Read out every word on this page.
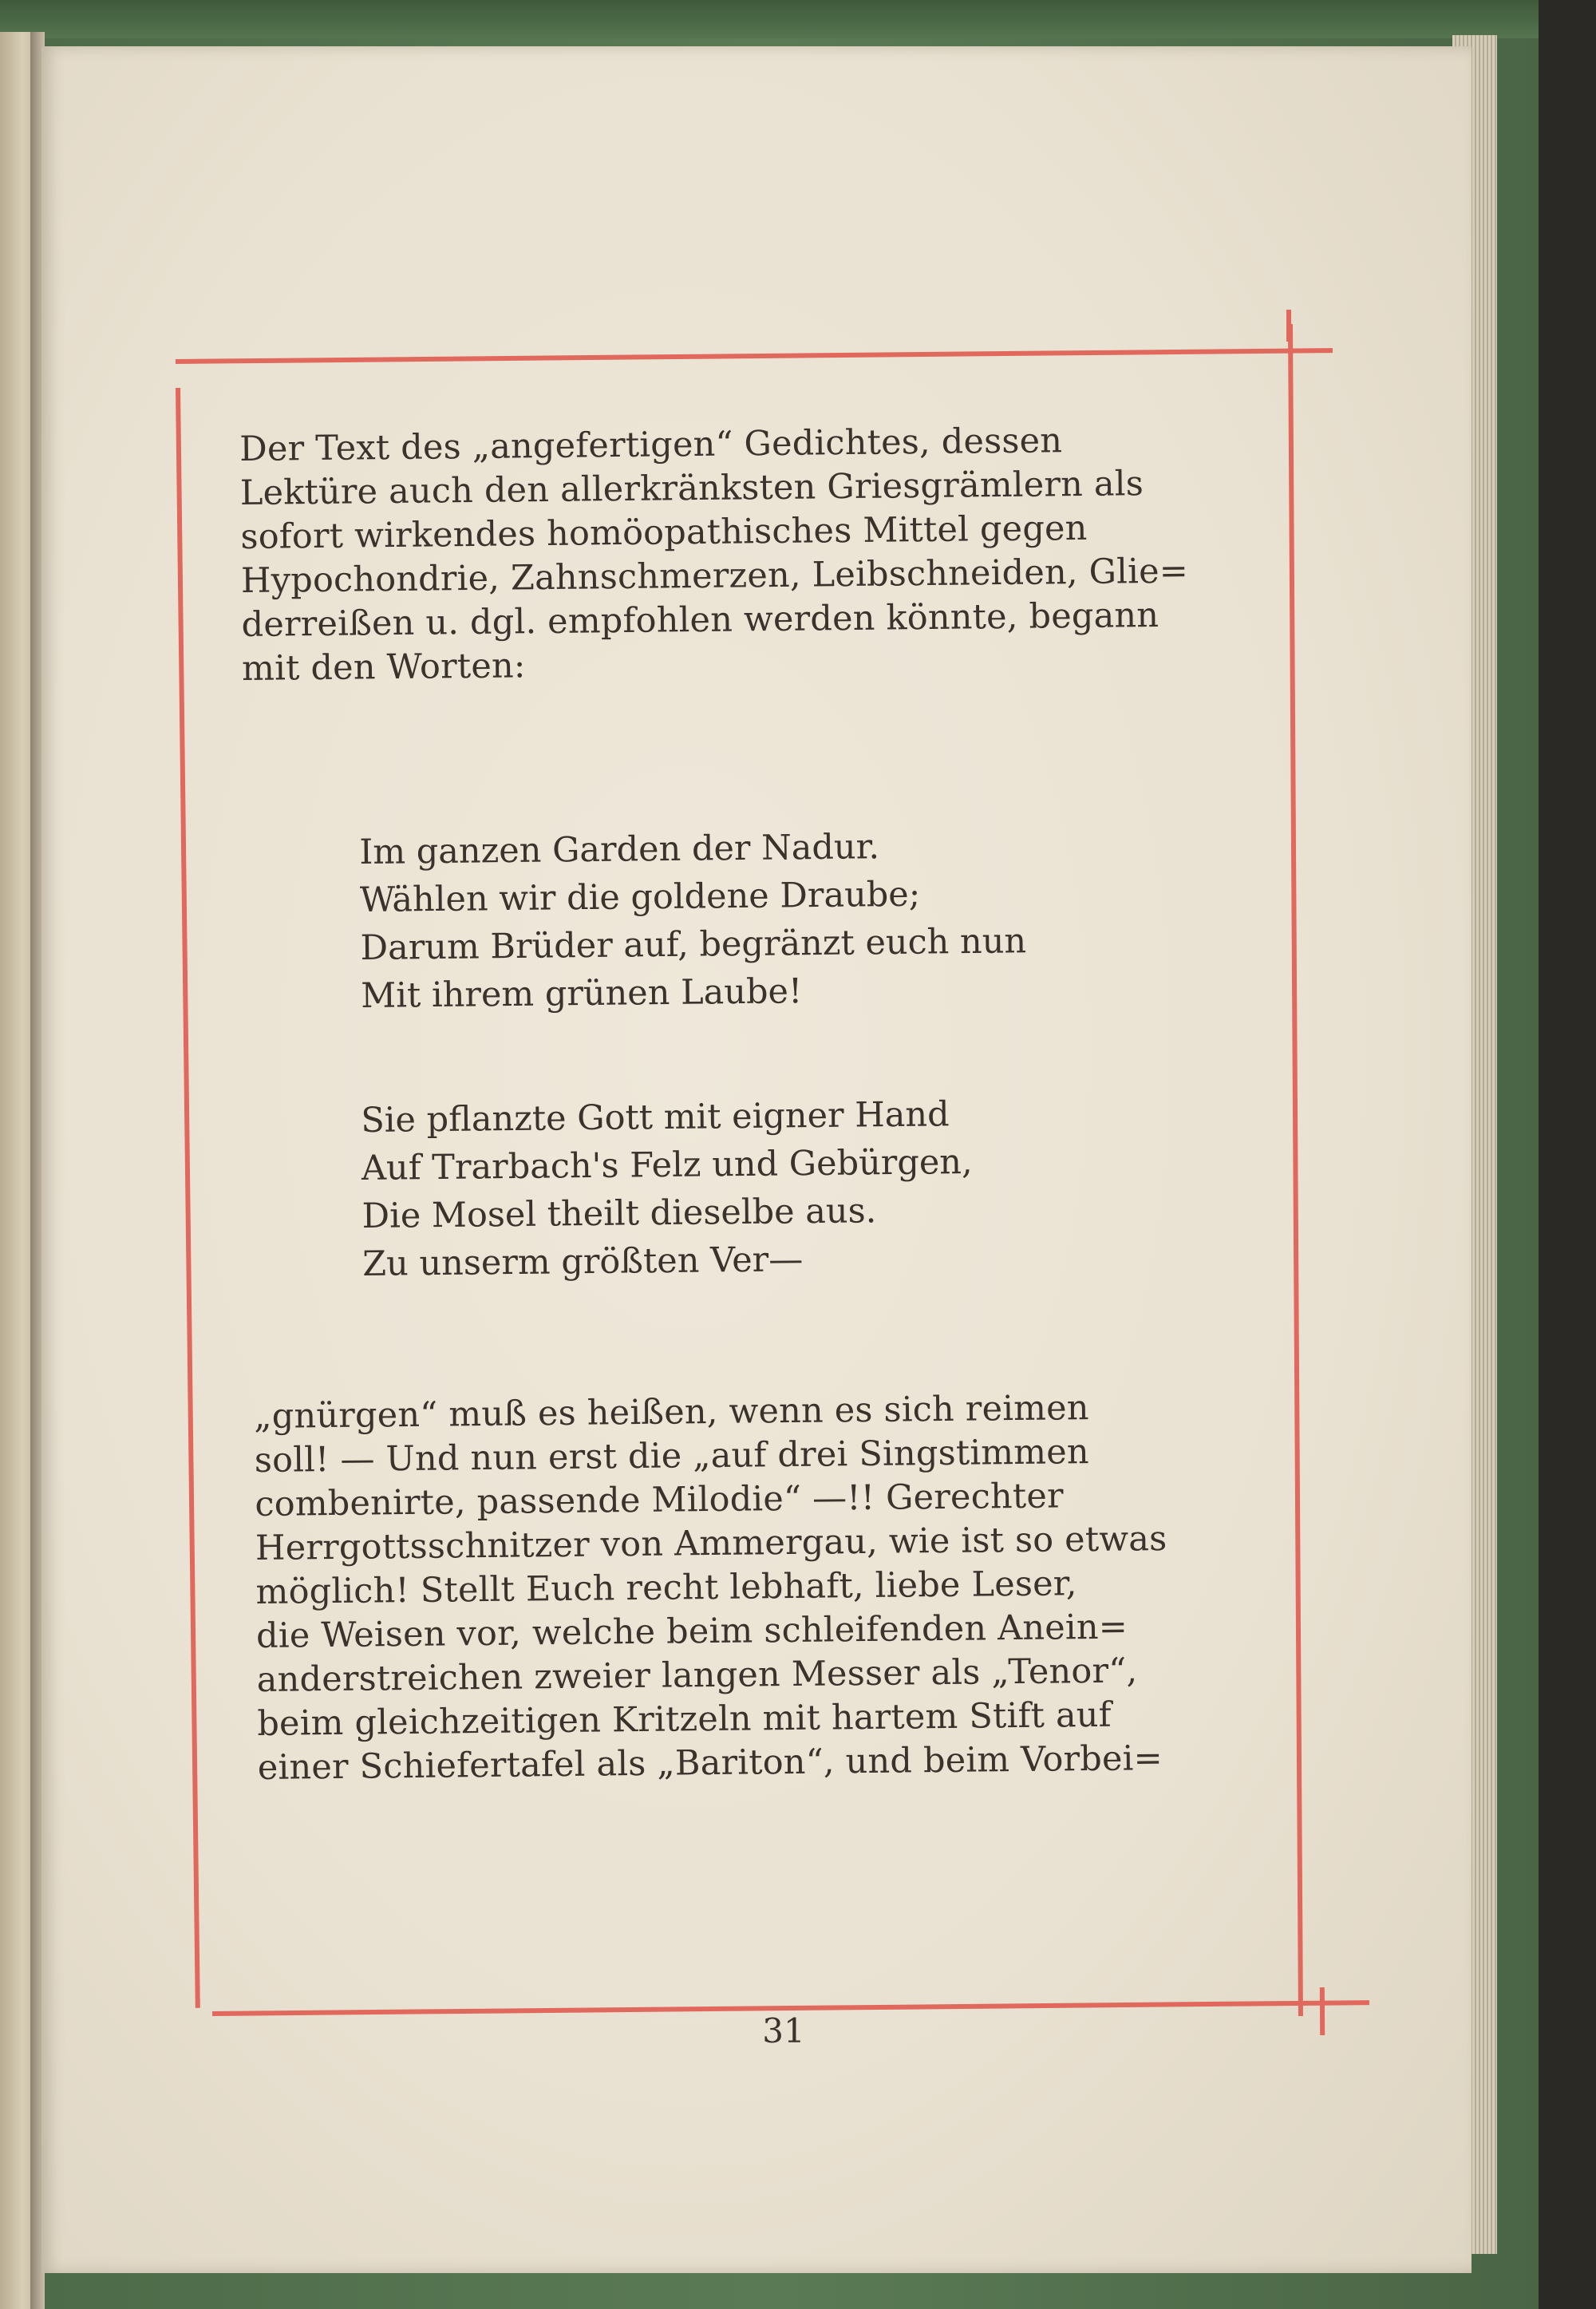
Der Text des „angefertigen“ Gedichtes, dessen

Lektüre auch den allerkränksten Griesgrämlern als

sofort wirkendes homöopathisches Mittel gegen

Hypochondrie, Zahnschmerzen, Leibschneiden, Glie=

derreißen u. dgl. empfohlen werden könnte, begann

mit den Worten:

Im ganzen Garden der Nadur.

Wählen wir die goldene Draube;

Darum Brüder auf, begränzt euch nun

Mit ihrem grünen Laube!

Sie pflanzte Gott mit eigner Hand

Auf Trarbach's Felz und Gebürgen,

Die Mosel theilt dieselbe aus.

Zu unserm größten Ver—

„gnürgen“ muß es heißen, wenn es sich reimen

soll! — Und nun erst die „auf drei Singstimmen

combenirte, passende Milodie“ —!! Gerechter

Herrgottsschnitzer von Ammergau, wie ist so etwas

möglich! Stellt Euch recht lebhaft, liebe Leser,

die Weisen vor, welche beim schleifenden Anein=

anderstreichen zweier langen Messer als „Tenor“,

beim gleichzeitigen Kritzeln mit hartem Stift auf

einer Schiefertafel als „Bariton“, und beim Vorbei=

31
